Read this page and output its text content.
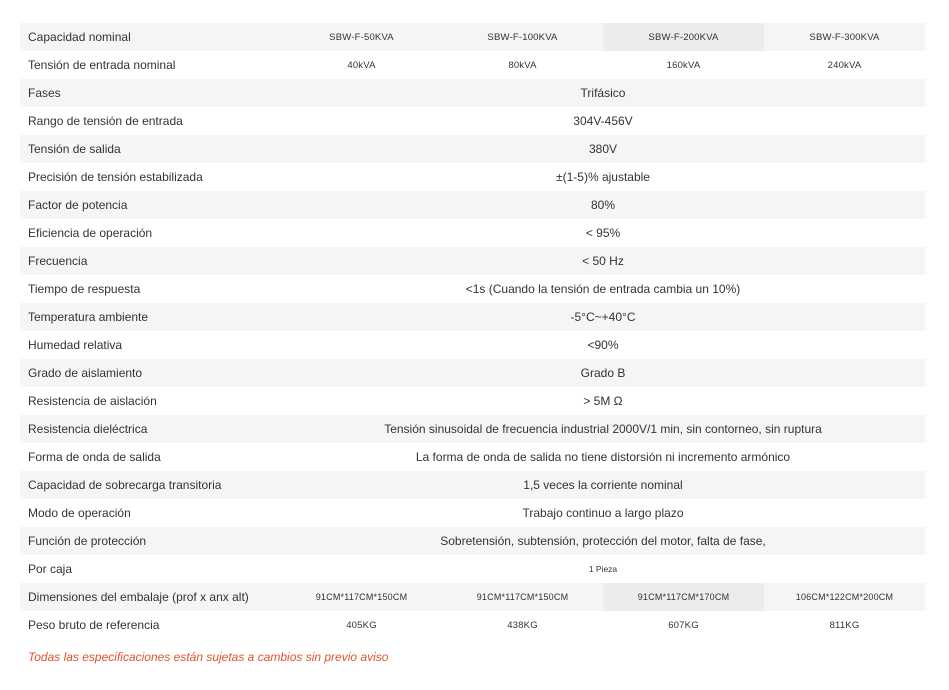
Capacidad nominal	SBW-F-50KVA	SBW-F-100KVA	SBW-F-200KVA	SBW-F-300KVA
Tensión de entrada nominal	40kVA	80kVA	160kVA	240kVA
Fases	Trifásico
Rango de tensión de entrada	304V-456V
Tensión de salida	380V
Precisión de tensión estabilizada	±(1-5)% ajustable
Factor de potencia	80%
Eficiencia de operación	< 95%
Frecuencia	< 50 Hz
Tiempo de respuesta	<1s (Cuando la tensión de entrada cambia un 10%)
Temperatura ambiente	-5°C~+40°C
Humedad relativa	<90%
Grado de aislamiento	Grado B
Resistencia de aislación	> 5M Ω
Resistencia dieléctrica	Tensión sinusoidal de frecuencia industrial 2000V/1 min, sin contorneo, sin ruptura
Forma de onda de salida	La forma de onda de salida no tiene distorsión ni incremento armónico
Capacidad de sobrecarga transitoria	1,5 veces la corriente nominal
Modo de operación	Trabajo continuo a largo plazo
Función de protección	Sobretensión, subtensión, protección del motor, falta de fase,
Por caja	1 Pieza
Dimensiones del embalaje (prof x anx alt)	91CM*117CM*150CM	91CM*117CM*150CM	91CM*117CM*170CM	106CM*122CM*200CM
Peso bruto de referencia	405KG	438KG	607KG	811KG
Todas las especificaciones están sujetas a cambios sin previo aviso
